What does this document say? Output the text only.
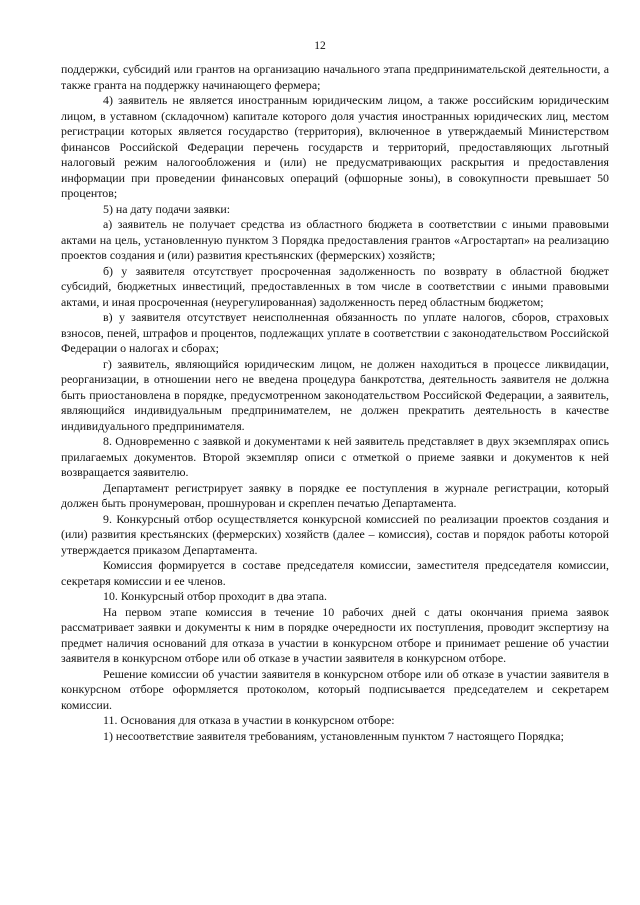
12

поддержки, субсидий или грантов на организацию начального этапа предпринимательской деятельности, а также гранта на поддержку начинающего фермера;

4) заявитель не является иностранным юридическим лицом, а также российским юридическим лицом, в уставном (складочном) капитале которого доля участия иностранных юридических лиц, местом регистрации которых является государство (территория), включенное в утверждаемый Министерством финансов Российской Федерации перечень государств и территорий, предоставляющих льготный налоговый режим налогообложения и (или) не предусматривающих раскрытия и предоставления информации при проведении финансовых операций (офшорные зоны), в совокупности превышает 50 процентов;

5) на дату подачи заявки:

а) заявитель не получает средства из областного бюджета в соответствии с иными правовыми актами на цель, установленную пунктом 3 Порядка предоставления грантов «Агростартап» на реализацию проектов создания и (или) развития крестьянских (фермерских) хозяйств;

б) у заявителя отсутствует просроченная задолженность по возврату в областной бюджет субсидий, бюджетных инвестиций, предоставленных в том числе в соответствии с иными правовыми актами, и иная просроченная (неурегулированная) задолженность перед областным бюджетом;

в) у заявителя отсутствует неисполненная обязанность по уплате налогов, сборов, страховых взносов, пеней, штрафов и процентов, подлежащих уплате в соответствии с законодательством Российской Федерации о налогах и сборах;

г) заявитель, являющийся юридическим лицом, не должен находиться в процессе ликвидации, реорганизации, в отношении него не введена процедура банкротства, деятельность заявителя не должна быть приостановлена в порядке, предусмотренном законодательством Российской Федерации, а заявитель, являющийся индивидуальным предпринимателем, не должен прекратить деятельность в качестве индивидуального предпринимателя.

8. Одновременно с заявкой и документами к ней заявитель представляет в двух экземплярах опись прилагаемых документов. Второй экземпляр описи с отметкой о приеме заявки и документов к ней возвращается заявителю.

Департамент регистрирует заявку в порядке ее поступления в журнале регистрации, который должен быть пронумерован, прошнурован и скреплен печатью Департамента.

9. Конкурсный отбор осуществляется конкурсной комиссией по реализации проектов создания и (или) развития крестьянских (фермерских) хозяйств (далее – комиссия), состав и порядок работы которой утверждается приказом Департамента.

Комиссия формируется в составе председателя комиссии, заместителя председателя комиссии, секретаря комиссии и ее членов.

10. Конкурсный отбор проходит в два этапа.

На первом этапе комиссия в течение 10 рабочих дней с даты окончания приема заявок рассматривает заявки и документы к ним в порядке очередности их поступления, проводит экспертизу на предмет наличия оснований для отказа в участии в конкурсном отборе и принимает решение об участии заявителя в конкурсном отборе или об отказе в участии заявителя в конкурсном отборе.

Решение комиссии об участии заявителя в конкурсном отборе или об отказе в участии заявителя в конкурсном отборе оформляется протоколом, который подписывается председателем и секретарем комиссии.

11. Основания для отказа в участии в конкурсном отборе:

1) несоответствие заявителя требованиям, установленным пунктом 7 настоящего Порядка;
